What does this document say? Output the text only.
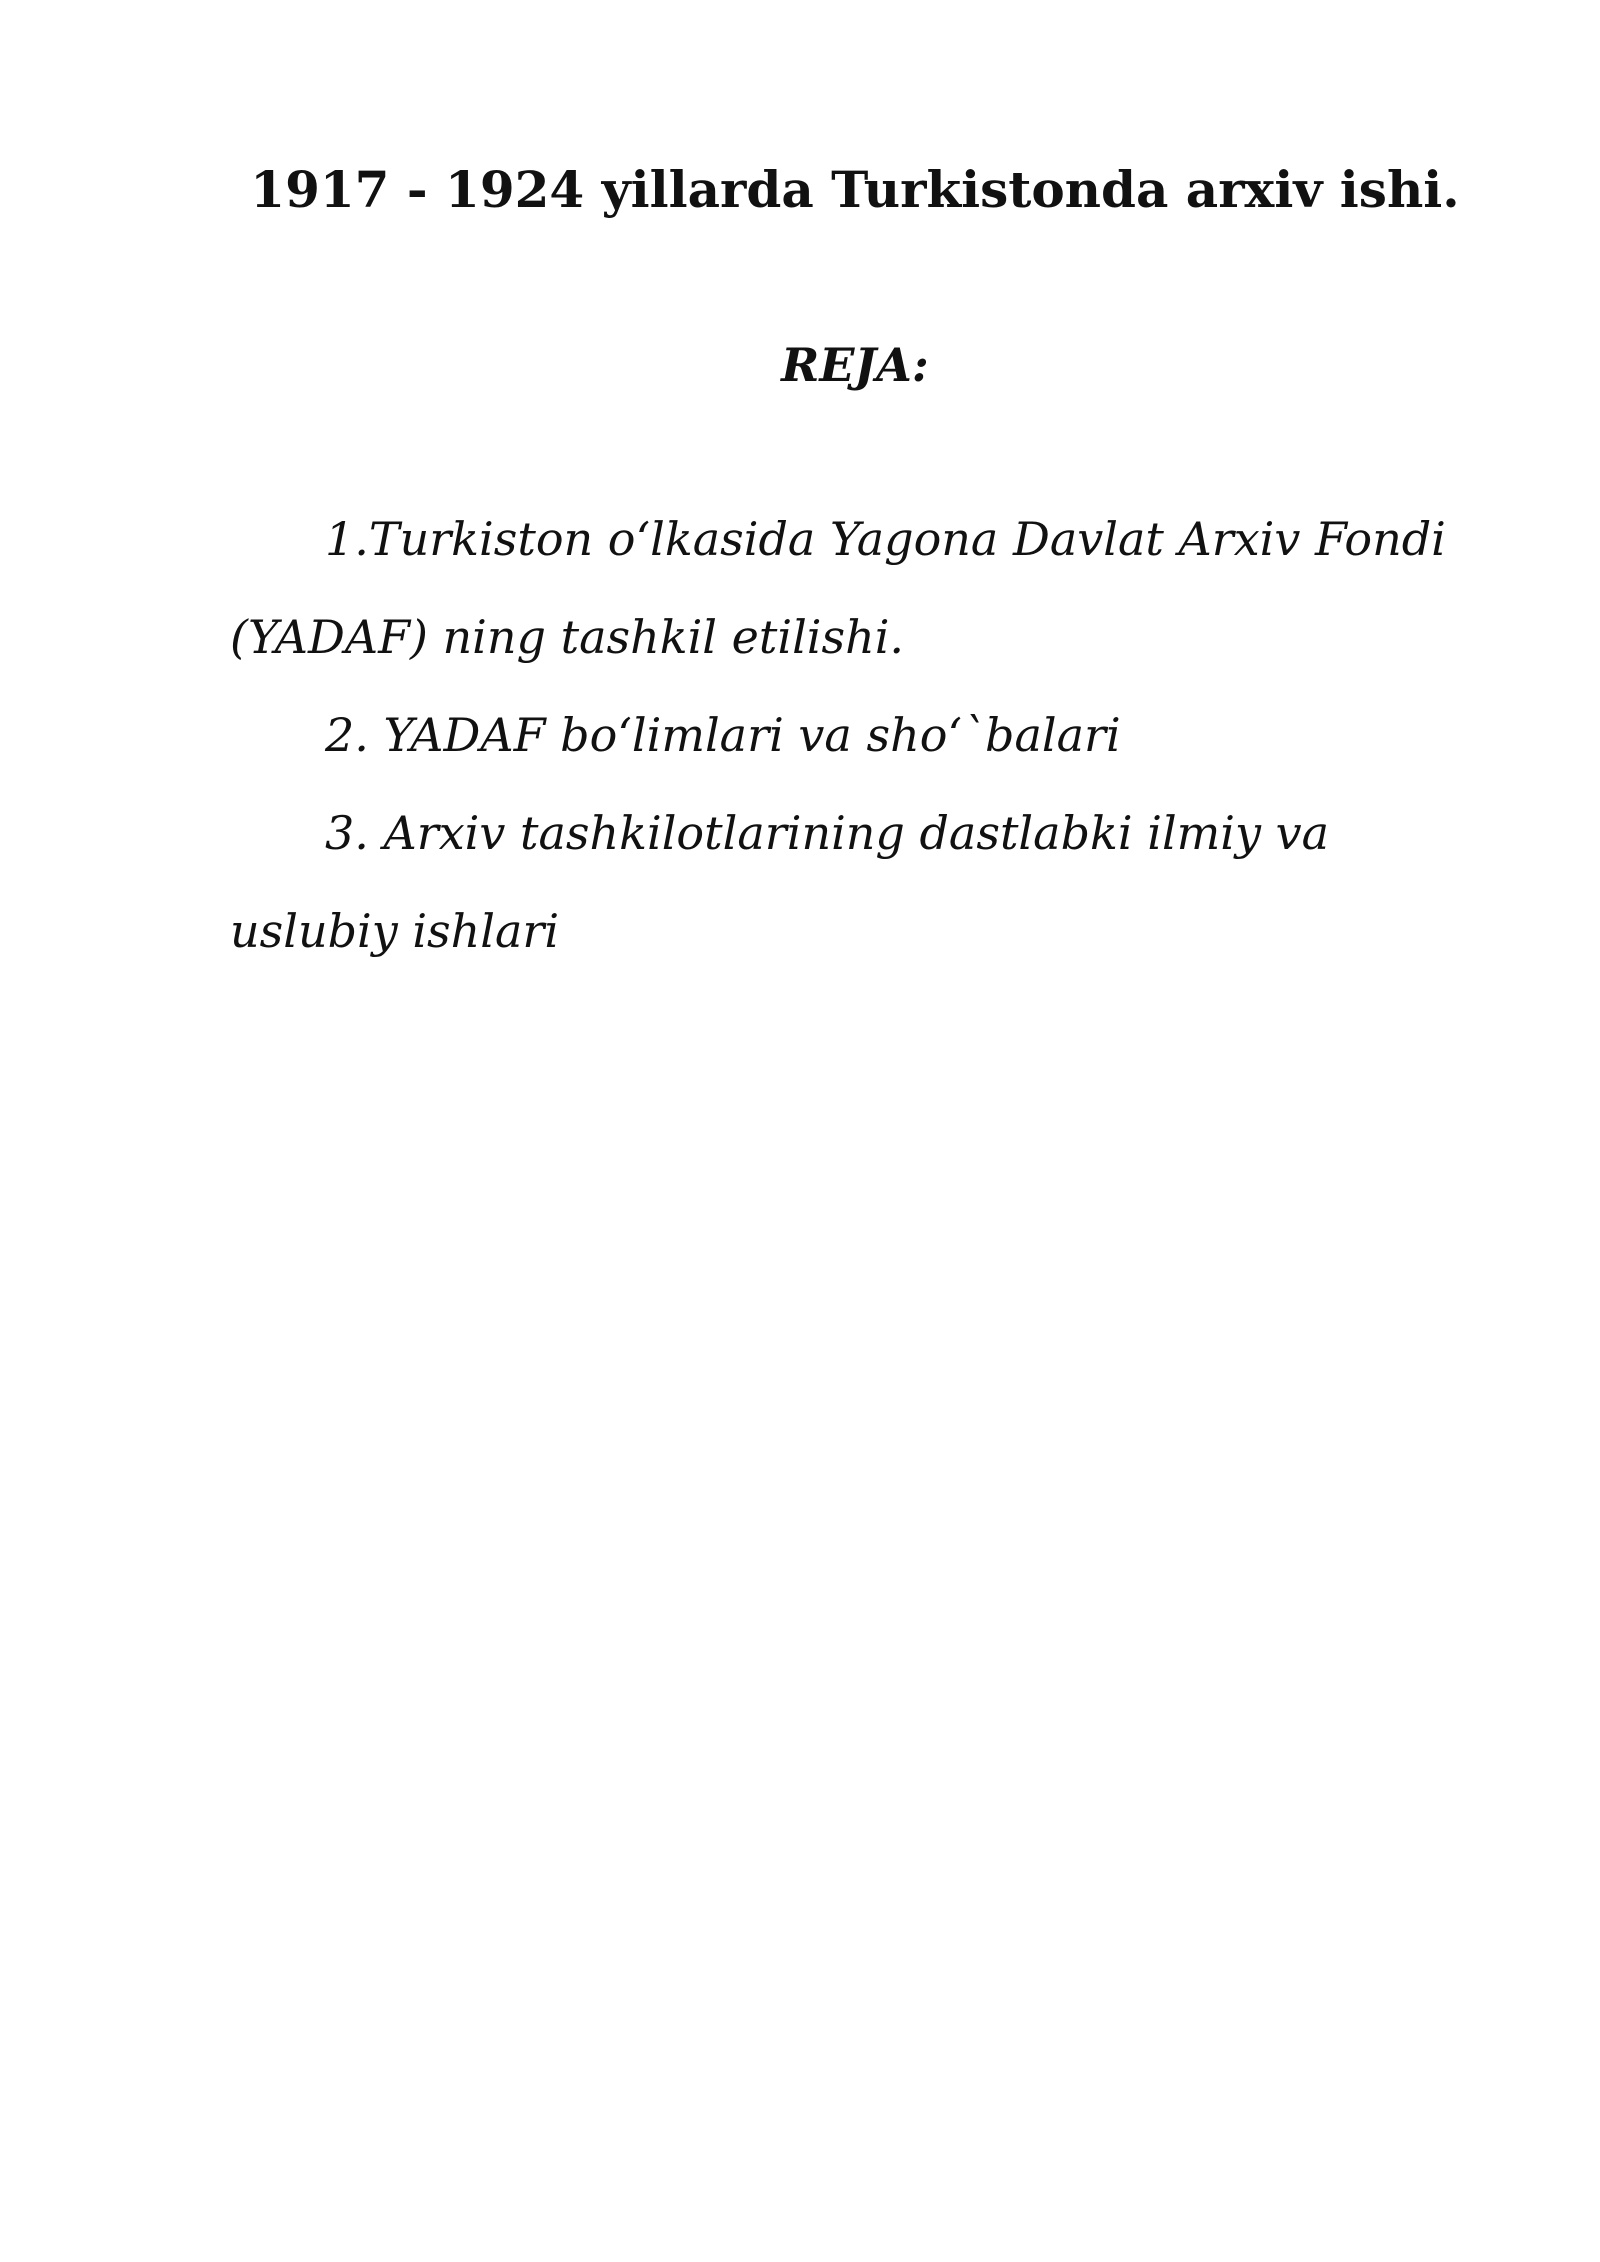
1917 - 1924 yillarda Turkistonda arxiv ishi.
REJA:
1.Turkiston o‘lkasida Yagona Davlat Arxiv Fondi (YADAF) ning tashkil etilishi.
2. YADAF bo‘limlari va sho‘`balari
3. Arxiv tashkilotlarining dastlabki ilmiy va uslubiy ishlari
